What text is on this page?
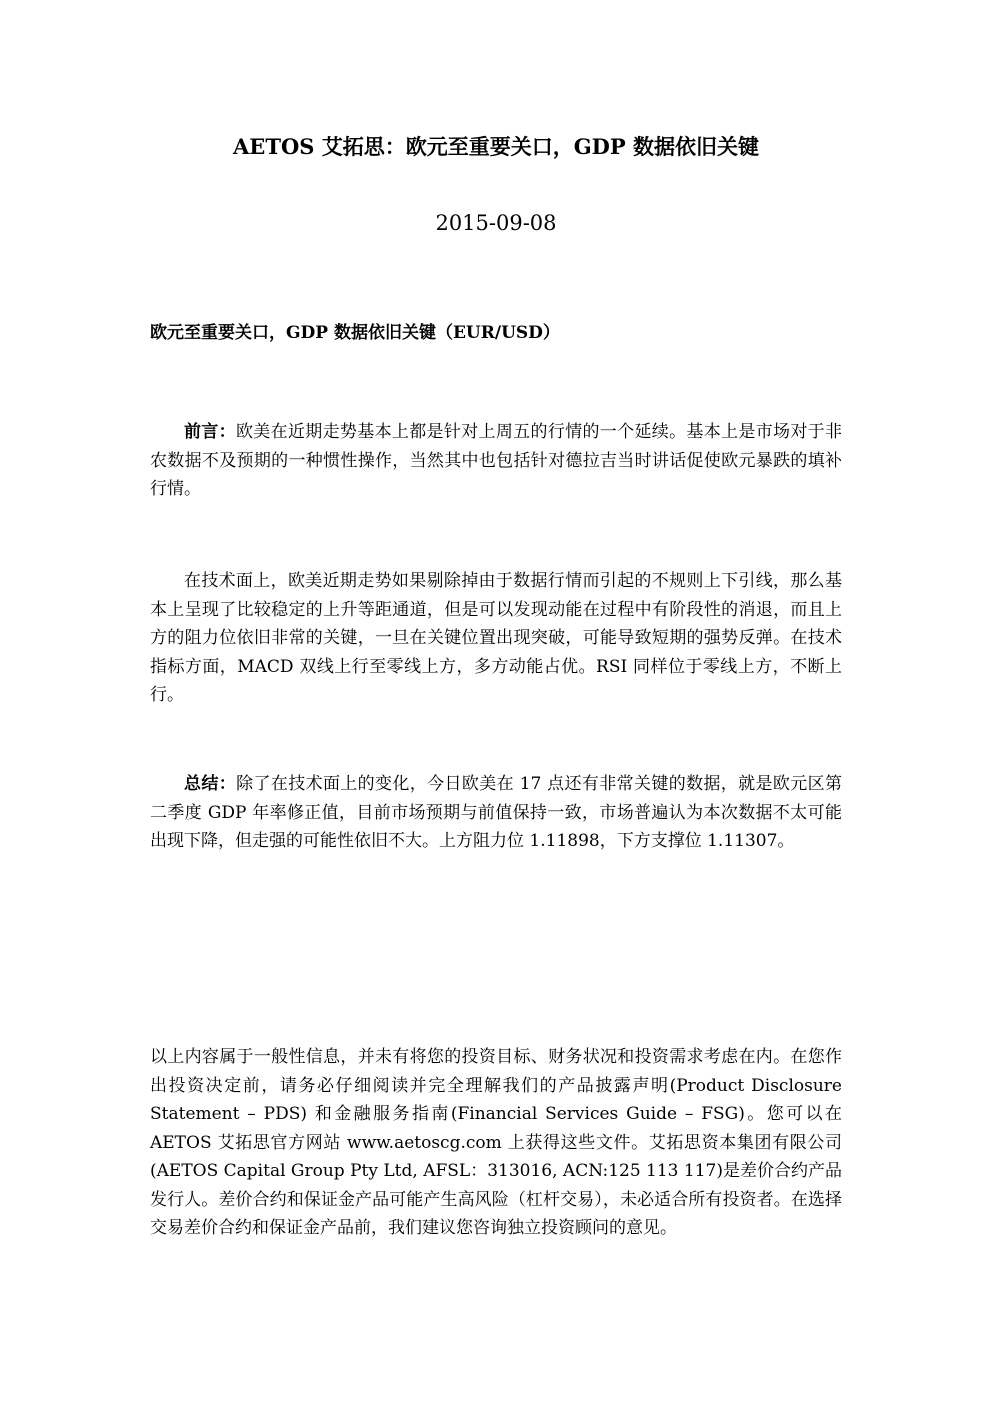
AETOS 艾拓思：欧元至重要关口，GDP 数据依旧关键
2015-09-08
欧元至重要关口，GDP 数据依旧关键（EUR/USD）

前言：欧美在近期走势基本上都是针对上周五的行情的一个延续。基本上是市场对于非农数据不及预期的一种惯性操作，当然其中也包括针对德拉吉当时讲话促使欧元暴跌的填补行情。

在技术面上，欧美近期走势如果剔除掉由于数据行情而引起的不规则上下引线，那么基本上呈现了比较稳定的上升等距通道，但是可以发现动能在过程中有阶段性的消退，而且上方的阻力位依旧非常的关键，一旦在关键位置出现突破，可能导致短期的强势反弹。在技术指标方面，MACD 双线上行至零线上方，多方动能占优。RSI 同样位于零线上方，不断上行。

总结：除了在技术面上的变化，今日欧美在 17 点还有非常关键的数据，就是欧元区第二季度 GDP 年率修正值，目前市场预期与前值保持一致，市场普遍认为本次数据不太可能出现下降，但走强的可能性依旧不大。上方阻力位 1.11898，下方支撑位 1.11307。

以上内容属于一般性信息，并未有将您的投资目标、财务状况和投资需求考虑在内。在您作出投资决定前，请务必仔细阅读并完全理解我们的产品披露声明(Product Disclosure Statement – PDS) 和金融服务指南(Financial Services Guide – FSG)。您可以在 AETOS 艾拓思官方网站 www.aetoscg.com 上获得这些文件。艾拓思资本集团有限公司(AETOS Capital Group Pty Ltd, AFSL：313016, ACN:125 113 117)是差价合约产品发行人。差价合约和保证金产品可能产生高风险（杠杆交易），未必适合所有投资者。在选择交易差价合约和保证金产品前，我们建议您咨询独立投资顾问的意见。
